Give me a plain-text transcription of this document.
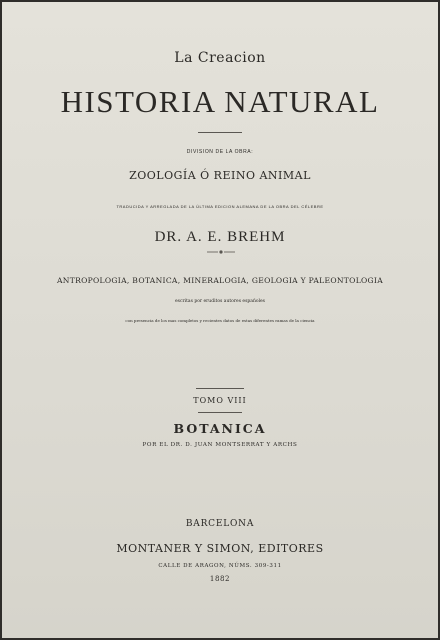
La Creacion
HISTORIA NATURAL
DIVISION DE LA OBRA:
ZOOLOGÍA Ó REINO ANIMAL
TRADUCIDA Y ARREGLADA DE LA ÚLTIMA EDICION ALEMANA DE LA OBRA DEL CÉLEBRE
DR. A. E. BREHM
ANTROPOLOGIA, BOTANICA, MINERALOGIA, GEOLOGIA Y PALEONTOLOGIA
escritas por eruditos autores españoles
con presencia de los mas completos y recientes datos de estas diferentes ramas de la ciencia
TOMO VIII
BOTANICA
POR EL DR. D. JUAN MONTSERRAT Y ARCHS
BARCELONA
MONTANER Y SIMON, EDITORES
CALLE DE ARAGON, NÚMS. 309-311
1882
